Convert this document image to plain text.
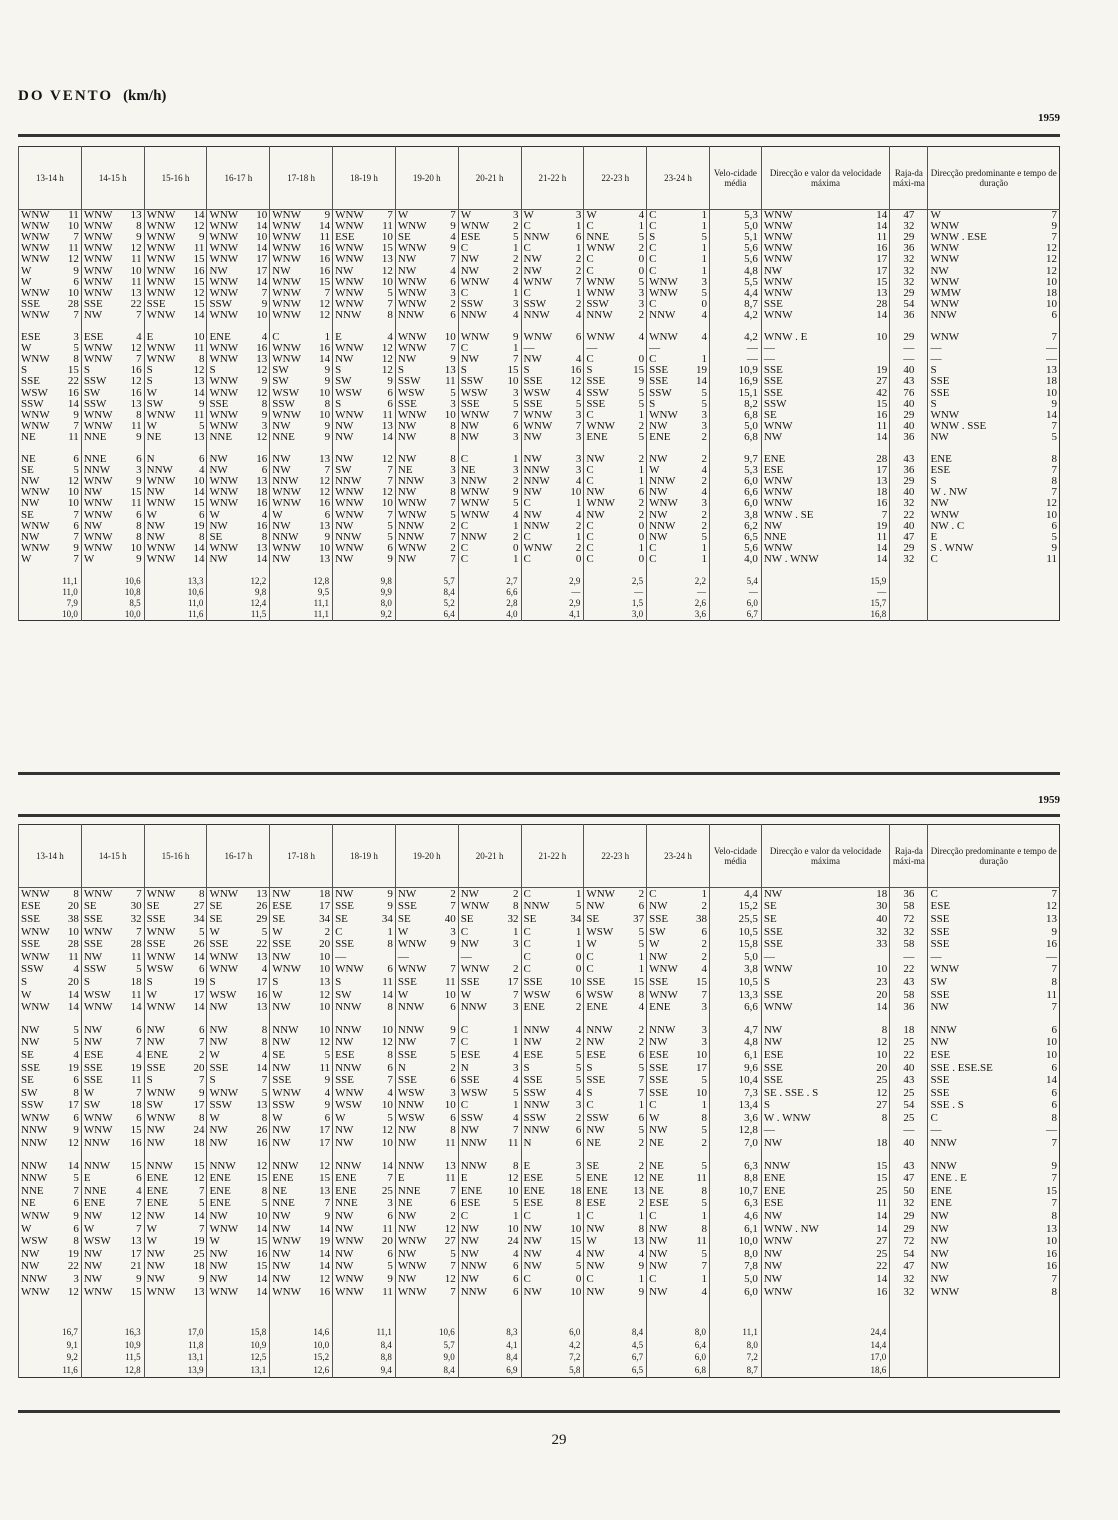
DO VENTO (km/h)
1959
13-14 h		14-15 h		15-16 h		16-17 h		17-18 h		18-19 h		19-20 h		20-21 h		21-22 h		22-23 h		23-24 h		Velo-cidade média	Direcção e valor da velocidade máxima		Raja-da máxi-ma	Direcção predominante e tempo de duração	
WNW	11	WNW	13	WNW	14	WNW	10	WNW	9	WNW	7	W	7	W	3	W	3	W	4	C	1	5,3	WNW	14	47	W	7
WNW	10	WNW	8	WNW	12	WNW	14	WNW	14	WNW	11	WNW	9	WNW	2	C	1	C	1	C	1	5,0	WNW	14	32	WNW	9
WNW	7	WNW	9	WNW	9	WNW	10	WNW	11	ESE	10	SE	4	ESE	5	NNW	6	NNE	5	S	5	5,1	WNW	11	29	WNW . ESE	7
WNW	11	WNW	12	WNW	11	WNW	14	WNW	16	WNW	15	WNW	9	C	1	C	1	WNW	2	C	1	5,6	WNW	16	36	WNW	12
WNW	12	WNW	11	WNW	15	WNW	17	WNW	16	WNW	13	NW	7	NW	2	NW	2	C	0	C	1	5,6	WNW	17	32	WNW	12
W	9	WNW	10	WNW	16	NW	17	NW	16	NW	12	NW	4	NW	2	NW	2	C	0	C	1	4,8	NW	17	32	NW	12
W	6	WNW	11	WNW	15	WNW	14	WNW	15	WNW	10	WNW	6	WNW	4	WNW	7	WNW	5	WNW	3	5,5	WNW	15	32	WNW	10
WNW	10	WNW	13	WNW	12	WNW	7	WNW	7	WNW	5	WNW	3	C	1	C	1	WNW	3	WNW	5	4,4	WNW	13	29	WMW	18
SSE	28	SSE	22	SSE	15	SSW	9	WNW	12	WNW	7	WNW	2	SSW	3	SSW	2	SSW	3	C	0	8,7	SSE	28	54	WNW	10
WNW	7	NW	7	WNW	14	WNW	10	WNW	12	NNW	8	NNW	6	NNW	4	NNW	4	NNW	2	NNW	4	4,2	WNW	14	36	NNW	6

ESE	3	ESE	4	E	10	ENE	4	C	1	E	4	WNW	10	WNW	9	WNW	6	WNW	4	WNW	4	4,2	WNW . E	10	29	WNW	7
W	5	WNW	12	WNW	11	WNW	16	WNW	16	WNW	12	WNW	7	C	1	—		—		—		—	—		—	—	—
WNW	8	WNW	7	WNW	8	WNW	13	WNW	14	NW	12	NW	9	NW	7	NW	4	C	0	C	1	—	—		—	—	—
S	15	S	16	S	12	S	12	SW	9	S	12	S	13	S	15	S	16	S	15	SSE	19	10,9	SSE	19	40	S	13
SSE	22	SSW	12	S	13	WNW	9	SW	9	SW	9	SSW	11	SSW	10	SSE	12	SSE	9	SSE	14	16,9	SSE	27	43	SSE	18
WSW	16	SW	16	W	14	WNW	12	WSW	10	WSW	6	WSW	5	WSW	3	WSW	4	SSW	5	SSW	5	15,1	SSE	42	76	SSE	10
SSW	14	SSW	13	SW	9	SSE	8	SSW	8	S	6	SSE	3	SSE	5	SSE	5	SSE	5	S	5	8,2	SSW	15	40	S	9
WNW	9	WNW	8	WNW	11	WNW	9	WNW	10	WNW	11	WNW	10	WNW	7	WNW	3	C	1	WNW	3	6,8	SE	16	29	WNW	14
WNW	7	WNW	11	W	5	WNW	3	NW	9	NW	13	NW	8	NW	6	WNW	7	WNW	2	NW	3	5,0	WNW	11	40	WNW . SSE	7
NE	11	NNE	9	NE	13	NNE	12	NNE	9	NW	14	NW	8	NW	3	NW	3	ENE	5	ENE	2	6,8	NW	14	36	NW	5

NE	6	NNE	6	N	6	NW	16	NW	13	NW	12	NW	8	C	1	NW	3	NW	2	NW	2	9,7	ENE	28	43	ENE	8
SE	5	NNW	3	NNW	4	NW	6	NW	7	SW	7	NE	3	NE	3	NNW	3	C	1	W	4	5,3	ESE	17	36	ESE	7
NW	12	WNW	9	WNW	10	WNW	13	NNW	12	NNW	7	NNW	3	NNW	2	NNW	4	C	1	NNW	2	6,0	WNW	13	29	S	8
WNW	10	NW	15	NW	14	WNW	18	WNW	12	WNW	12	NW	8	WNW	9	NW	10	NW	6	NW	4	6,6	WNW	18	40	W . NW	7
NW	10	WNW	11	WNW	15	WNW	16	WNW	16	WNW	10	WNW	7	WNW	5	C	1	WNW	2	WNW	3	6,0	WNW	16	32	NW	12
SE	7	WNW	6	W	6	W	4	W	6	WNW	7	WNW	5	WNW	4	NW	4	NW	2	NW	2	3,8	WNW . SE	7	22	WNW	10
WNW	6	NW	8	NW	19	NW	16	NW	13	NW	5	NNW	2	C	1	NNW	2	C	0	NNW	2	6,2	NW	19	40	NW . C	6
NW	7	WNW	8	NW	8	SE	8	NNW	9	NNW	5	NNW	7	NNW	2	C	1	C	0	NW	5	6,5	NNE	11	47	E	5
WNW	9	WNW	10	WNW	14	WNW	13	WNW	10	WNW	6	WNW	2	C	0	WNW	2	C	1	C	1	5,6	WNW	14	29	S . WNW	9
W	7	W	9	WNW	14	NW	14	NW	13	NW	9	NW	7	C	1	C	0	C	0	C	1	4,0	NW . WNW	14	32	C	11

11,1		10,6		13,3		12,2		12,8		9,8		5,7		2,7		2,9		2,5		2,2		5,4	15,9				
11,0		10,8		10,6		9,8		9,5		9,9		8,4		6,6		—		—		—		—	—				
7,9		8,5		11,0		12,4		11,1		8,0		5,2		2,8		2,9		1,5		2,6		6,0	15,7				
10,0		10,0		11,6		11,5		11,1		9,2		6,4		4,0		4,1		3,0		3,6		6,7	16,8				
1959
13-14 h		14-15 h		15-16 h		16-17 h		17-18 h		18-19 h		19-20 h		20-21 h		21-22 h		22-23 h		23-24 h		Velo-cidade média	Direcção e valor da velocidade máxima		Raja-da máxi-ma	Direcção predominante e tempo de duração	
WNW	8	WNW	7	WNW	8	WNW	13	NW	18	NW	9	NW	2	NW	2	C	1	WNW	2	C	1	4,4	NW	18	36	C	7
ESE	20	SE	30	SE	27	SE	26	ESE	17	SSE	9	SSE	7	WNW	8	NNW	5	NW	6	NW	2	15,2	SE	30	58	ESE	12
SSE	38	SSE	32	SSE	34	SE	29	SE	34	SE	34	SE	40	SE	32	SE	34	SE	37	SSE	38	25,5	SE	40	72	SSE	13
WNW	10	WNW	7	WNW	5	W	5	W	2	C	1	W	3	C	1	C	1	WSW	5	SW	6	10,5	SSE	32	32	SSE	9
SSE	28	SSE	28	SSE	26	SSE	22	SSE	20	SSE	8	WNW	9	NW	3	C	1	W	5	W	2	15,8	SSE	33	58	SSE	16
WNW	11	NW	11	WNW	14	WNW	13	NW	10	—		—		—		C	0	C	1	NW	2	5,0	—		—	—	—
SSW	4	SSW	5	WSW	6	WNW	4	WNW	10	WNW	6	WNW	7	WNW	2	C	0	C	1	WNW	4	3,8	WNW	10	22	WNW	7
S	20	S	18	S	19	S	17	S	13	S	11	SSE	11	SSE	17	SSE	10	SSE	15	SSE	15	10,5	S	23	43	SW	8
W	14	WSW	11	W	17	WSW	16	W	12	SW	14	W	10	W	7	WSW	6	WSW	8	WNW	7	13,3	SSE	20	58	SSE	11
WNW	14	WNW	14	WNW	14	NW	13	NW	10	NNW	8	NNW	6	NNW	3	ENE	2	ENE	4	ENE	3	6,6	WNW	14	36	NW	7

NW	5	NW	6	NW	6	NW	8	NNW	10	NNW	10	NNW	9	C	1	NNW	4	NNW	2	NNW	3	4,7	NW	8	18	NNW	6
NW	5	NW	7	NW	7	NW	8	NW	12	NW	12	NW	7	C	1	NW	2	NW	2	NW	3	4,8	NW	12	25	NW	10
SE	4	ESE	4	ENE	2	W	4	SE	5	ESE	8	SSE	5	ESE	4	ESE	5	ESE	6	ESE	10	6,1	ESE	10	22	ESE	10
SSE	19	SSE	19	SSE	20	SSE	14	NW	11	NNW	6	N	2	N	3	S	5	S	5	SSE	17	9,6	SSE	20	40	SSE . ESE.SE	6
SE	6	SSE	11	S	7	S	7	SSE	9	SSE	7	SSE	6	SSE	4	SSE	5	SSE	7	SSE	5	10,4	SSE	25	43	SSE	14
SW	8	W	7	WNW	9	WNW	5	WNW	4	WNW	4	WSW	3	WSW	5	SSW	4	S	7	SSE	10	7,3	SE . SSE . S	12	25	SSE	6
SSW	17	SW	18	SW	17	SSW	13	SSW	9	WSW	10	NNW	10	C	1	NNW	3	C	1	C	1	13,4	S	27	54	SSE . S	6
WNW	6	WNW	6	WNW	8	W	8	W	6	W	5	WSW	6	SSW	4	SSW	2	SSW	6	W	8	3,6	W . WNW	8	25	C	8
NNW	9	WNW	15	NW	24	NW	26	NW	17	NW	12	NW	8	NW	7	NNW	6	NW	5	NW	5	12,8	—		—	—	—
NNW	12	NNW	16	NW	18	NW	16	NW	17	NW	10	NW	11	NNW	11	N	6	NE	2	NE	2	7,0	NW	18	40	NNW	7

NNW	14	NNW	15	NNW	15	NNW	12	NNW	12	NNW	14	NNW	13	NNW	8	E	3	SE	2	NE	5	6,3	NNW	15	43	NNW	9
NNW	5	E	6	ENE	12	ENE	15	ENE	15	ENE	7	E	11	E	12	ESE	5	ENE	12	NE	11	8,8	ENE	15	47	ENE . E	7
NNE	7	NNE	4	ENE	7	ENE	8	NE	13	ENE	25	NNE	7	ENE	10	ENE	18	ENE	13	NE	8	10,7	ENE	25	50	ENE	15
NE	6	ENE	7	ENE	5	ENE	5	NNE	7	NNE	3	NE	6	ESE	5	ESE	8	ESE	2	ESE	5	6,3	ESE	11	32	ENE	7
WNW	9	NW	12	NW	14	NW	10	NW	9	NW	6	NW	2	C	1	C	1	C	1	C	1	4,6	NW	14	29	NW	8
W	6	W	7	W	7	WNW	14	NW	14	NW	11	NW	12	NW	10	NW	10	NW	8	NW	8	6,1	WNW . NW	14	29	NW	13
WSW	8	WSW	13	W	19	W	15	WNW	19	WNW	20	WNW	27	NW	24	NW	15	W	13	NW	11	10,0	WNW	27	72	NW	10
NW	19	NW	17	NW	25	NW	16	NW	14	NW	6	NW	5	NW	4	NW	4	NW	4	NW	5	8,0	NW	25	54	NW	16
NW	22	NW	21	NW	18	NW	15	NW	14	NW	5	WNW	7	NNW	6	NW	5	NW	9	NW	7	7,8	NW	22	47	NW	16
NNW	3	NW	9	NW	9	NW	14	NW	12	WNW	9	NW	12	NW	6	C	0	C	1	C	1	5,0	NW	14	32	NW	7
WNW	12	WNW	15	WNW	13	WNW	14	WNW	16	WNW	11	WNW	7	NNW	6	NW	10	NW	9	NW	4	6,0	WNW	16	32	WNW	8

16,7		16,3		17,0		15,8		14,6		11,1		10,6		8,3		6,0		8,4		8,0		11,1	24,4				
9,1		10,9		11,8		10,9		10,0		8,4		5,7		4,1		4,2		4,5		6,4		8,0	14,4				
9,2		11,5		13,1		12,5		15,2		8,8		9,0		8,4		7,2		6,7		6,0		7,2	17,0				
11,6		12,8		13,9		13,1		12,6		9,4		8,4		6,9		5,8		6,5		6,8		8,7	18,6				
29
